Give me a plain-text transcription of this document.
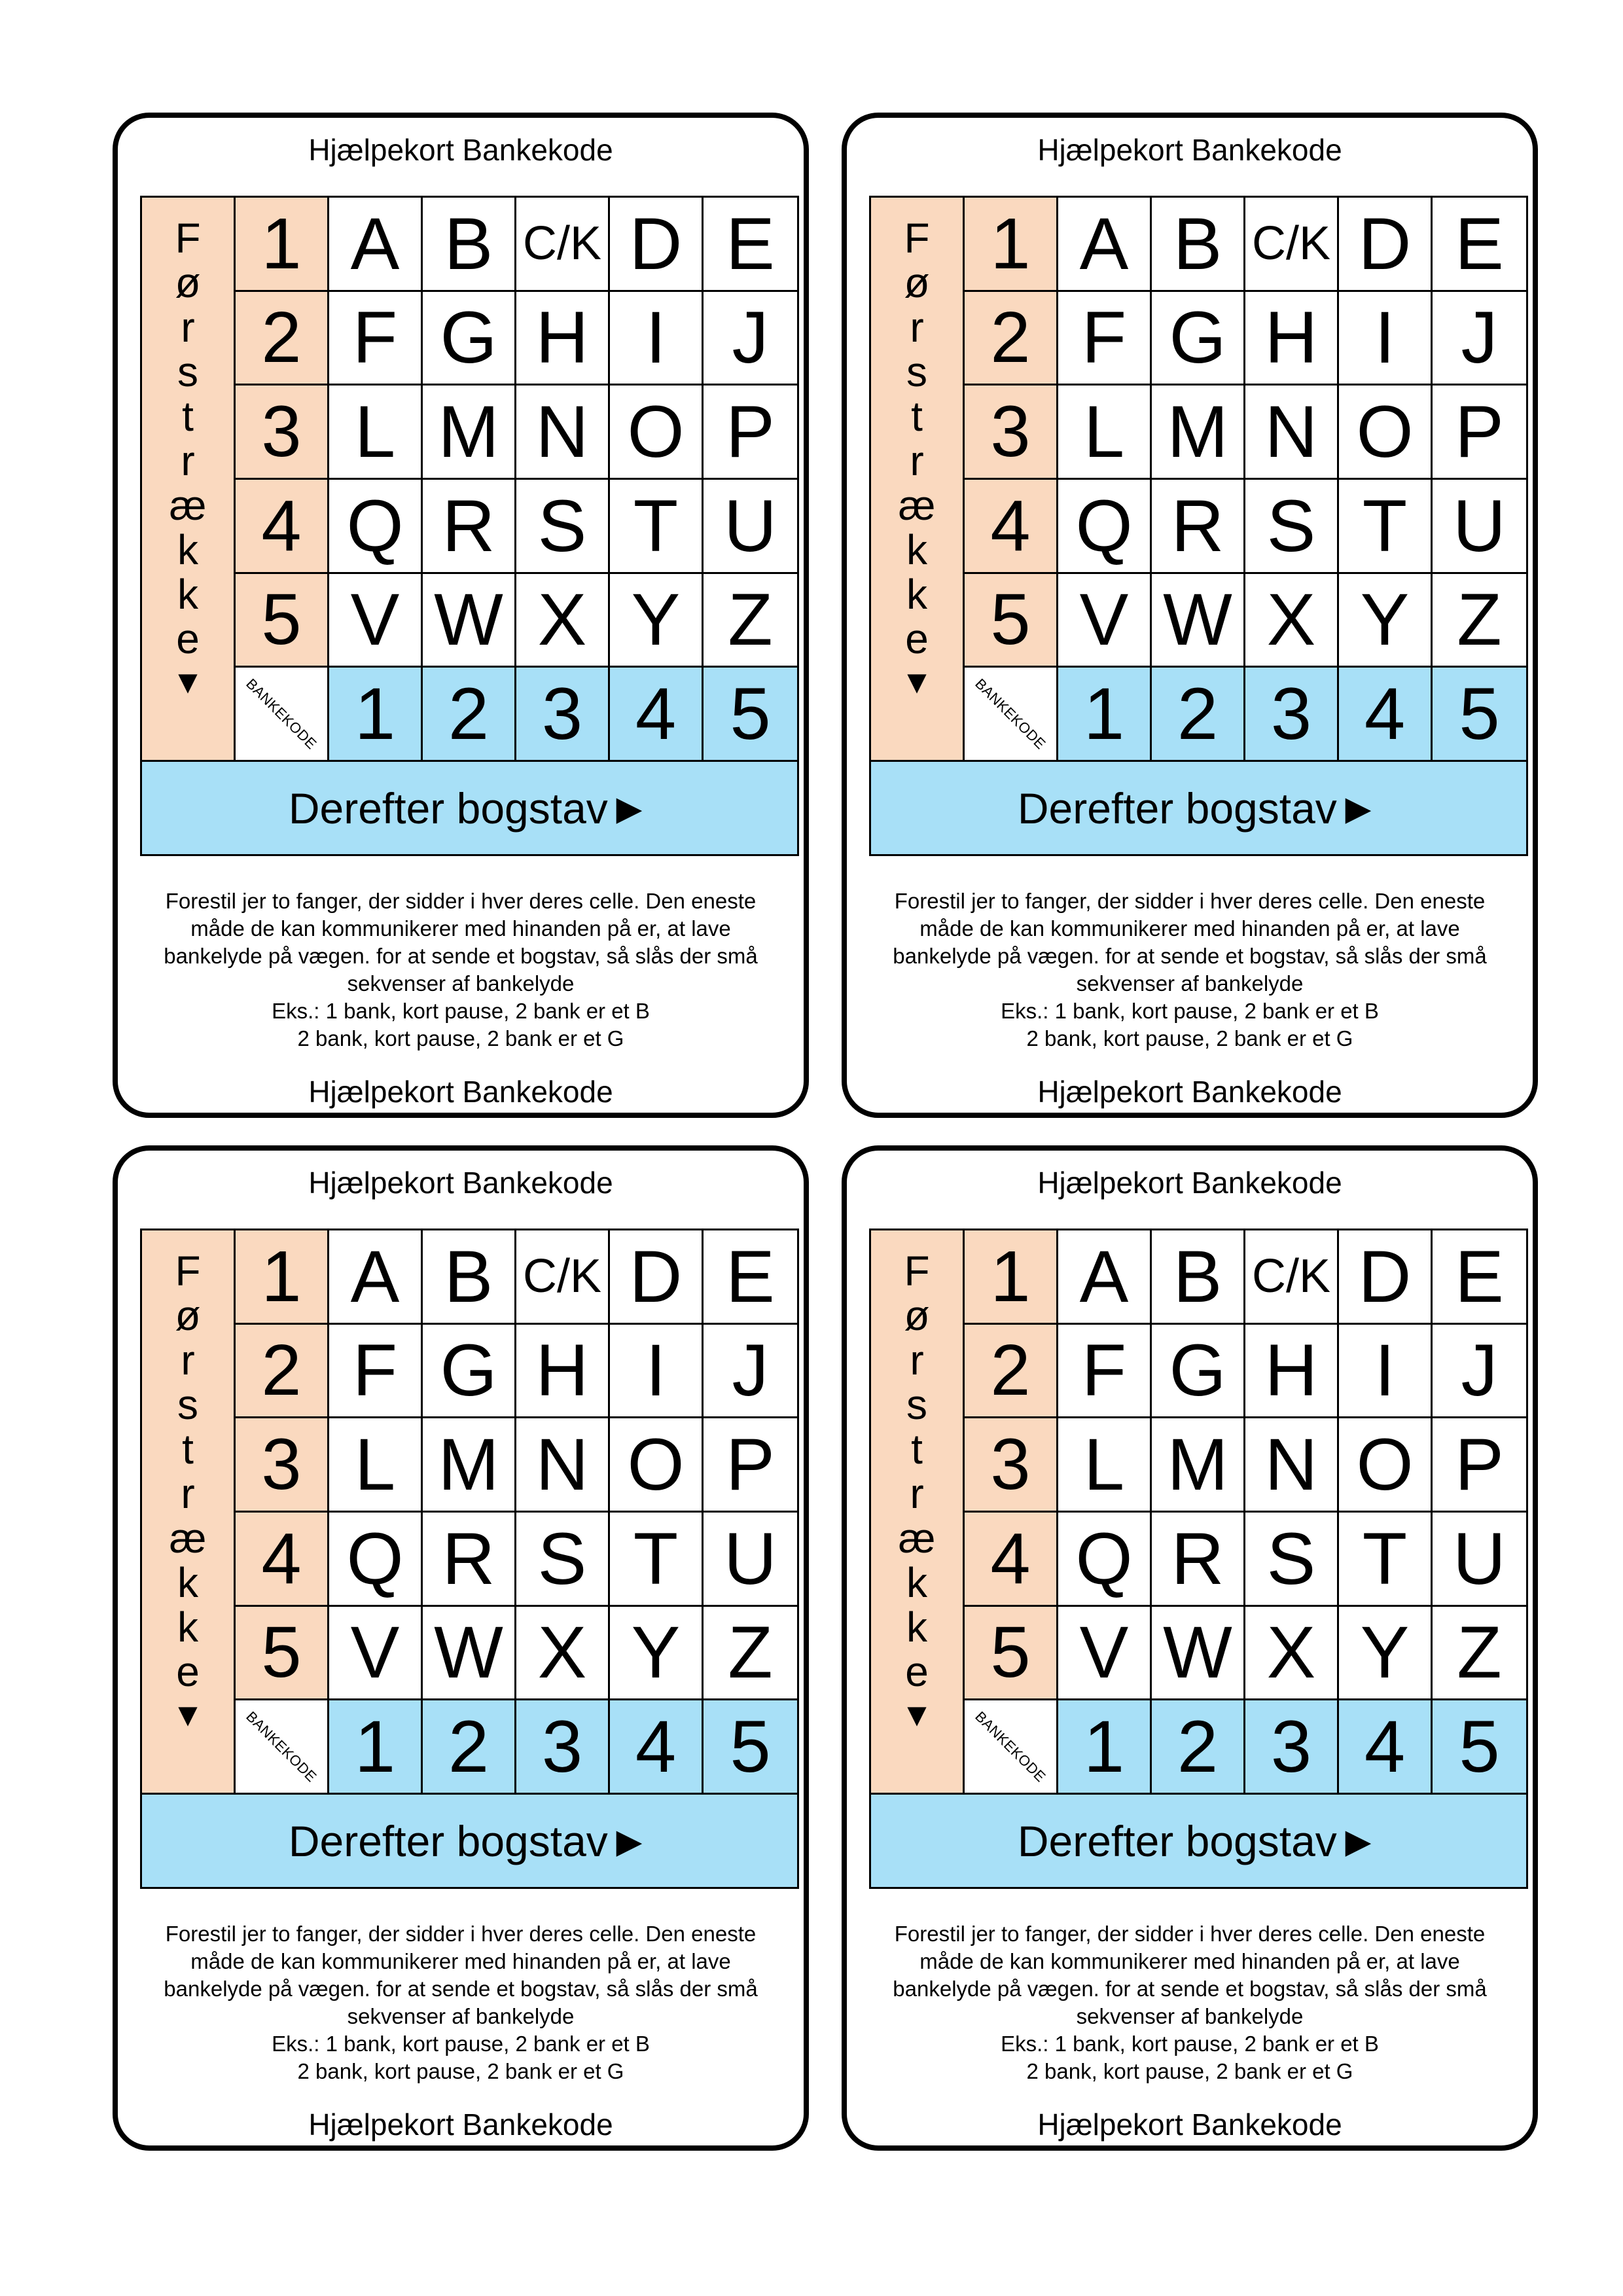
Hjælpekort Bankekode
F
ø
r
s
t
r
æ
k
k
e
▼
1 A B C/K D E
2 F G H I J
3 L M N O P
4 Q R S T U
5 V W X Y Z
BANKEKODE 1 2 3 4 5
Derefter bogstav►
Forestil jer to fanger, der sidder i hver deres celle. Den eneste
måde de kan kommunikerer med hinanden på er, at lave
bankelyde på vægen. for at sende et bogstav, så slås der små
sekvenser af bankelyde
Eks.: 1 bank, kort pause, 2 bank er et B
2 bank, kort pause, 2 bank er et G
Hjælpekort Bankekode
Hjælpekort Bankekode
F
ø
r
s
t
r
æ
k
k
e
▼
1 A B C/K D E
2 F G H I J
3 L M N O P
4 Q R S T U
5 V W X Y Z
BANKEKODE 1 2 3 4 5
Derefter bogstav►
Forestil jer to fanger, der sidder i hver deres celle. Den eneste
måde de kan kommunikerer med hinanden på er, at lave
bankelyde på vægen. for at sende et bogstav, så slås der små
sekvenser af bankelyde
Eks.: 1 bank, kort pause, 2 bank er et B
2 bank, kort pause, 2 bank er et G
Hjælpekort Bankekode
Hjælpekort Bankekode
F
ø
r
s
t
r
æ
k
k
e
▼
1 A B C/K D E
2 F G H I J
3 L M N O P
4 Q R S T U
5 V W X Y Z
BANKEKODE 1 2 3 4 5
Derefter bogstav►
Forestil jer to fanger, der sidder i hver deres celle. Den eneste
måde de kan kommunikerer med hinanden på er, at lave
bankelyde på vægen. for at sende et bogstav, så slås der små
sekvenser af bankelyde
Eks.: 1 bank, kort pause, 2 bank er et B
2 bank, kort pause, 2 bank er et G
Hjælpekort Bankekode
Hjælpekort Bankekode
F
ø
r
s
t
r
æ
k
k
e
▼
1 A B C/K D E
2 F G H I J
3 L M N O P
4 Q R S T U
5 V W X Y Z
BANKEKODE 1 2 3 4 5
Derefter bogstav►
Forestil jer to fanger, der sidder i hver deres celle. Den eneste
måde de kan kommunikerer med hinanden på er, at lave
bankelyde på vægen. for at sende et bogstav, så slås der små
sekvenser af bankelyde
Eks.: 1 bank, kort pause, 2 bank er et B
2 bank, kort pause, 2 bank er et G
Hjælpekort Bankekode
